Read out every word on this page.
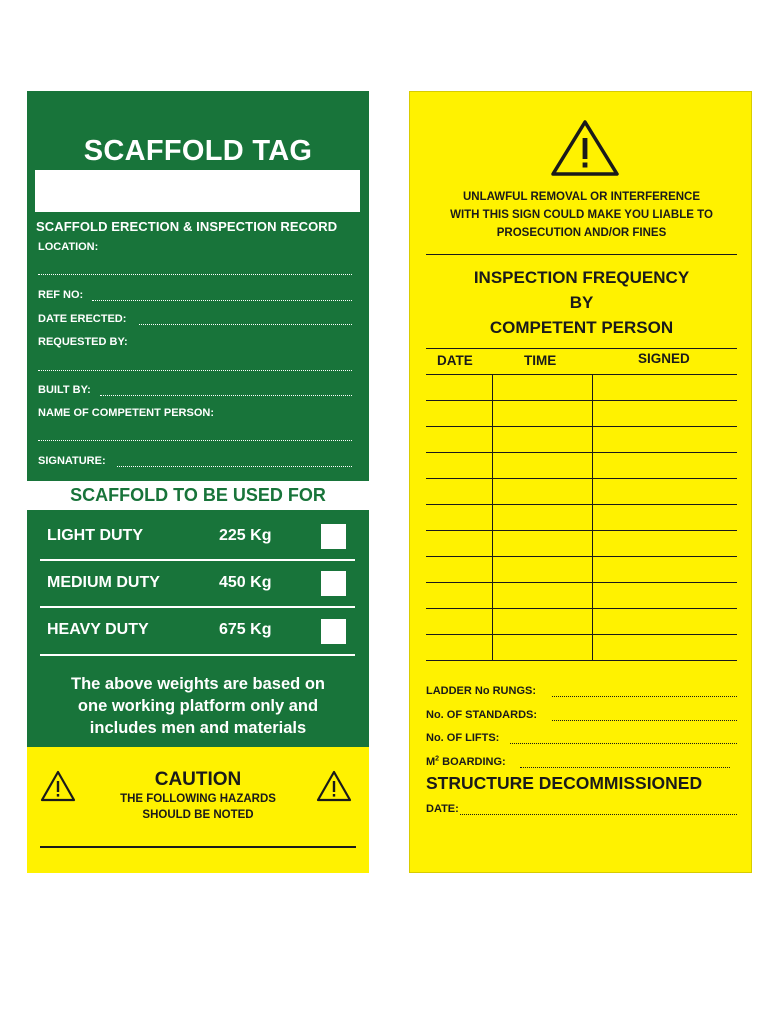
SCAFFOLD TAG
SCAFFOLD ERECTION & INSPECTION RECORD
LOCATION:
REF NO:
DATE ERECTED:
REQUESTED BY:
BUILT BY:
NAME OF COMPETENT PERSON:
SIGNATURE:
SCAFFOLD TO BE USED FOR
LIGHT DUTY	225 Kg
MEDIUM DUTY	450 Kg
HEAVY DUTY	675 Kg
The above weights are based on
one working platform only and
includes men and materials
CAUTION
THE FOLLOWING HAZARDS
SHOULD BE NOTED
UNLAWFUL REMOVAL OR INTERFERENCE
WITH THIS SIGN COULD MAKE YOU LIABLE TO
PROSECUTION AND/OR FINES
INSPECTION FREQUENCY
BY
COMPETENT PERSON
DATE	TIME	SIGNED
LADDER No RUNGS:
No. OF STANDARDS:
No. OF LIFTS:
$M^2$ BOARDING:
STRUCTURE DECOMMISSIONED
DATE:
